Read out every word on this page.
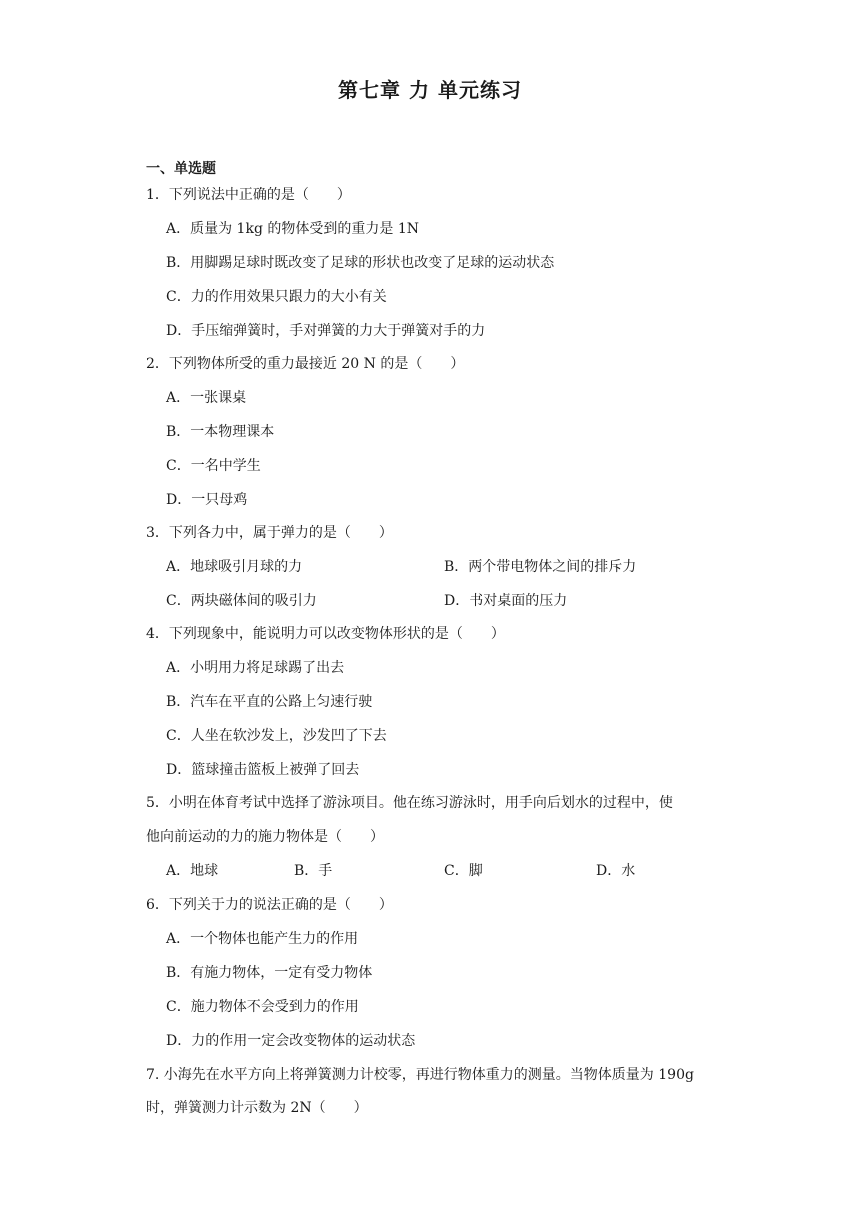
第七章 力 单元练习
一、单选题
1．下列说法中正确的是（　　）
A．质量为 1kg 的物体受到的重力是 1N
B．用脚踢足球时既改变了足球的形状也改变了足球的运动状态
C．力的作用效果只跟力的大小有关
D．手压缩弹簧时，手对弹簧的力大于弹簧对手的力
2．下列物体所受的重力最接近 20 N 的是（　　）
A．一张课桌
B．一本物理课本
C．一名中学生
D．一只母鸡
3．下列各力中，属于弹力的是（　　）
A．地球吸引月球的力	B．两个带电物体之间的排斥力
C．两块磁体间的吸引力	D．书对桌面的压力
4．下列现象中，能说明力可以改变物体形状的是（　　）
A．小明用力将足球踢了出去
B．汽车在平直的公路上匀速行驶
C．人坐在软沙发上，沙发凹了下去
D．篮球撞击篮板上被弹了回去
5．小明在体育考试中选择了游泳项目。他在练习游泳时，用手向后划水的过程中，使
他向前运动的力的施力物体是（　　）
A．地球	B．手	C．脚	D．水
6．下列关于力的说法正确的是（　　）
A．一个物体也能产生力的作用
B．有施力物体，一定有受力物体
C．施力物体不会受到力的作用
D．力的作用一定会改变物体的运动状态
7. 小海先在水平方向上将弹簧测力计校零，再进行物体重力的测量。当物体质量为 190g
时，弹簧测力计示数为 2N（　　）
